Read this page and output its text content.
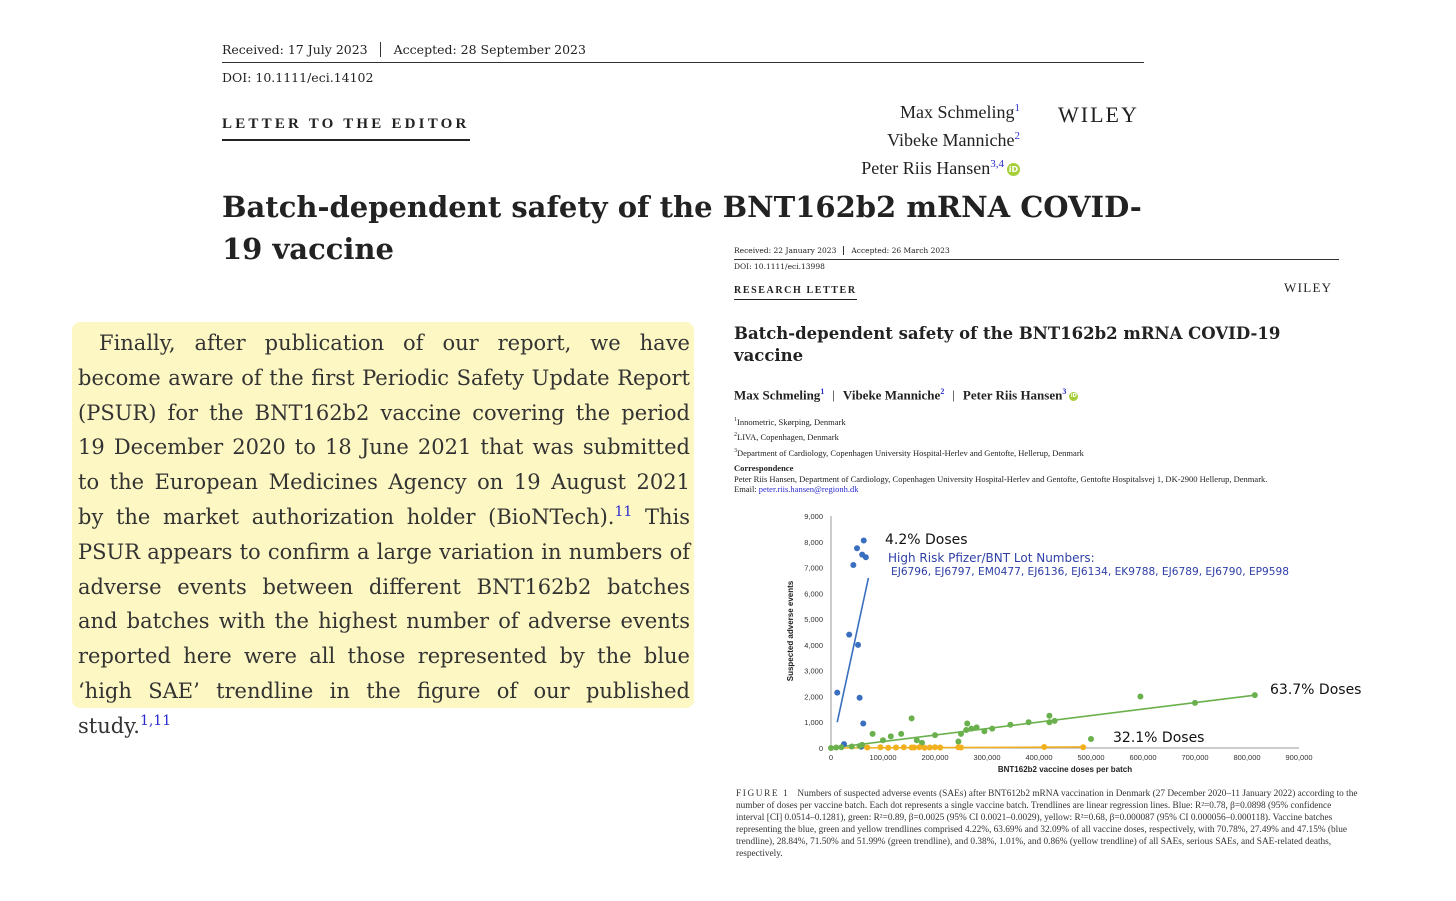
Received: 17 July 2023 Accepted: 28 September 2023
DOI: 10.1111/eci.14102
LETTER TO THE EDITOR
Max Schmeling$^1$
Vibeke Manniche$^2$
Peter Riis Hansen$^{3,4}$ iD
WILEY
Batch-dependent safety of the BNT162b2 mRNA COVID-19 vaccine

 Finally, after publication of our report, we have become aware of the first Periodic Safety Update Report (PSUR) for the BNT162b2 vaccine covering the period 19 December 2020 to 18 June 2021 that was submitted to the European Medicines Agency on 19 August 2021 by the market authorization holder (BioNTech).$^{11}$ This PSUR appears to confirm a large variation in numbers of adverse events between different BNT162b2 batches and batches with the highest number of adverse events reported here were all those represented by the blue ‘high SAE’ trendline in the figure of our published study.$^{1,11}$
Received: 22 January 2023 Accepted: 26 March 2023
DOI: 10.1111/eci.13998
RESEARCH LETTER	WILEY
Batch-dependent safety of the BNT162b2 mRNA COVID-19 vaccine
Max Schmeling$^1$ | Vibeke Manniche$^2$ | Peter Riis Hansen$^3$ iD
$^1$Innometric, Skørping, Denmark
$^2$LIVA, Copenhagen, Denmark
$^3$Department of Cardiology, Copenhagen University Hospital-Herlev and Gentofte, Hellerup, Denmark
Correspondence
Peter Riis Hansen, Department of Cardiology, Copenhagen University Hospital-Herlev and Gentofte, Gentofte Hospitalsvej 1, DK-2900 Hellerup, Denmark.
Email: peter.riis.hansen@regionh.dk
0
1,000
2,000
3,000
4,000
5,000
6,000
7,000
8,000
9,000
0	100,000	200,000	300,000	400,000	500,000	600,000	700,000	800,000	900,000
Suspected adverse events
BNT162b2 vaccine doses per batch
4.2% Doses
High Risk Pfizer/BNT Lot Numbers:
EJ6796, EJ6797, EM0477, EJ6136, EJ6134, EK9788, EJ6789, EJ6790, EP9598
63.7% Doses
32.1% Doses
FIGURE 1 Numbers of suspected adverse events (SAEs) after BNT612b2 mRNA vaccination in Denmark (27 December 2020–11 January 2022) according to the number of doses per vaccine batch. Each dot represents a single vaccine batch. Trendlines are linear regression lines. Blue: R²=0.78, β=0.0898 (95% confidence interval [CI] 0.0514–0.1281), green: R²=0.89, β=0.0025 (95% CI 0.0021–0.0029), yellow: R²=0.68, β=0.000087 (95% CI 0.000056–0.000118). Vaccine batches representing the blue, green and yellow trendlines comprised 4.22%, 63.69% and 32.09% of all vaccine doses, respectively, with 70.78%, 27.49% and 47.15% (blue trendline), 28.84%, 71.50% and 51.99% (green trendline), and 0.38%, 1.01%, and 0.86% (yellow trendline) of all SAEs, serious SAEs, and SAE-related deaths, respectively.
